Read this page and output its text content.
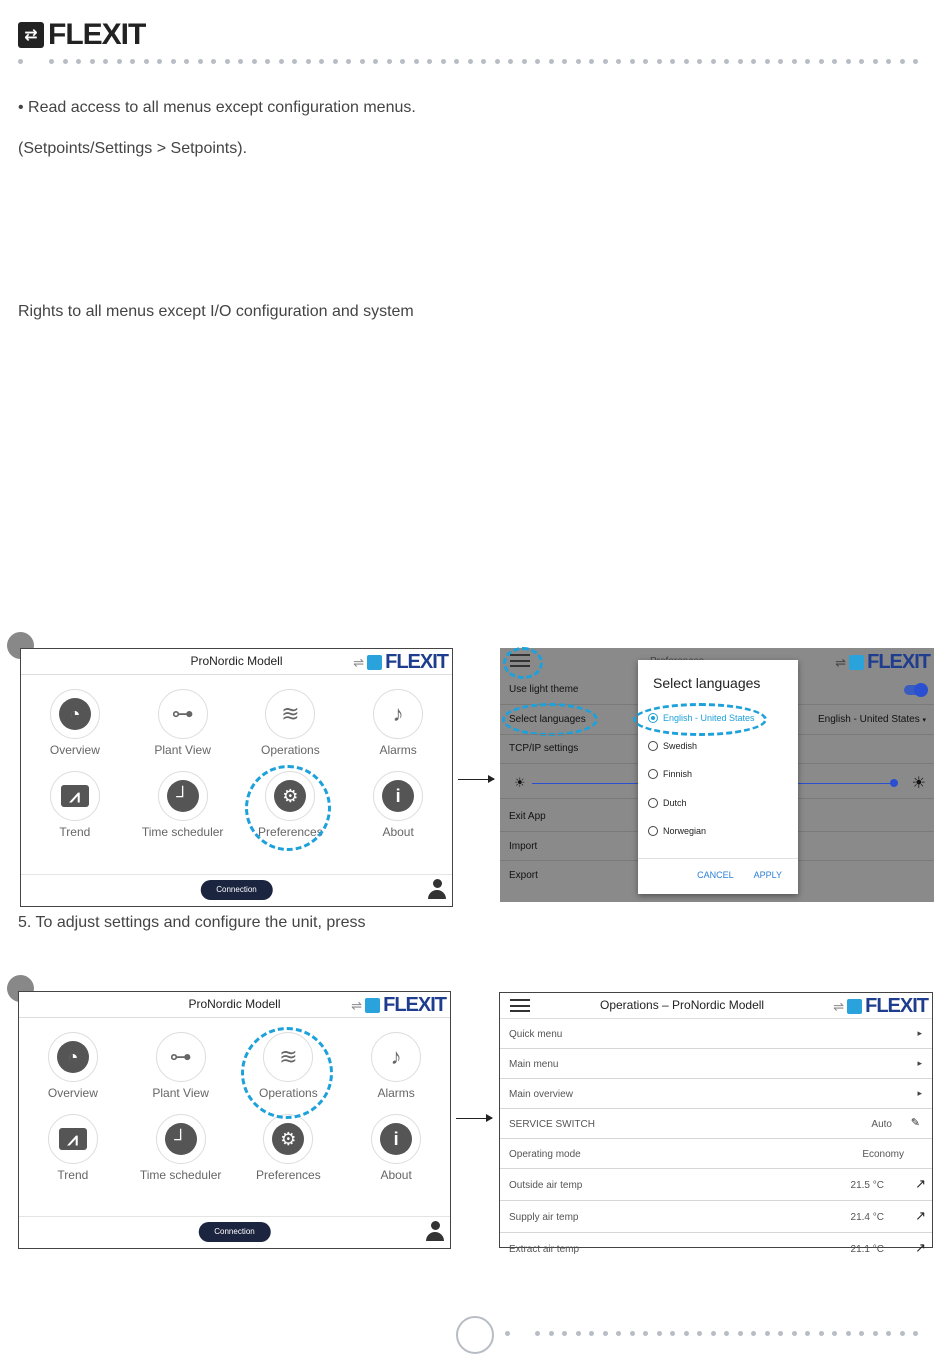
⇄ FLEXIT
• Read access to all menus except configuration menus.
(Setpoints/Settings > Setpoints).
Rights to all menus except I/O configuration and system
ProNordic Modell	⇌ FLEXIT
◔
Overview
⊶
Plant View
≋
Operations
♪
Alarms
⩘
Trend
┘
Time scheduler
⚙
Preferences
i
About
Connection
⇌ FLEXIT
Use light theme
Select languages	English - United States ▾
TCP/IP settings
☀	☀
Exit App
Import
Export
Select languages
English - United States
Swedish
Finnish
Dutch
Norwegian
CANCEL APPLY
5. To adjust settings and configure the unit, press
ProNordic Modell	⇌ FLEXIT
◔
Overview
⊶
Plant View
≋
Operations
♪
Alarms
⩘
Trend
┘
Time scheduler
⚙
Preferences
i
About
Connection
Operations – ProNordic Modell	⇌ FLEXIT
Quick menu	▸
Main menu	▸
Main overview	▸
SERVICE SWITCH	Auto ✎
Operating mode	Economy
Outside air temp	21.5 °C ↗
Supply air temp	21.4 °C ↗
Extract air temp	21.1 °C ↗
